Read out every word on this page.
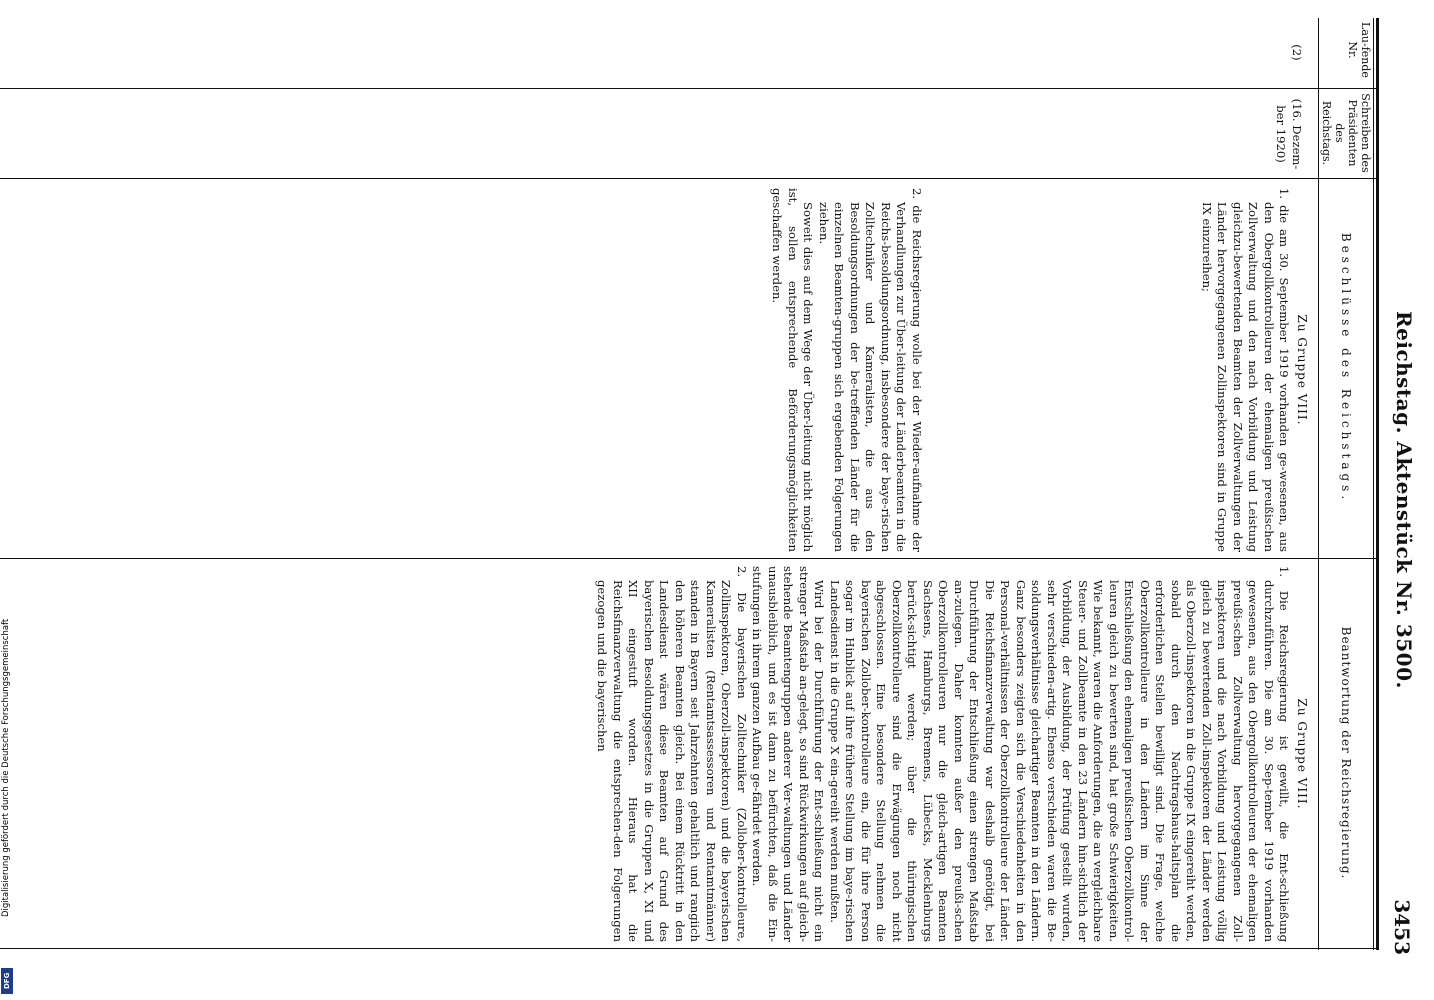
Reichstag. Aktenstück Nr. 3500.
3453
Lau-fende Nr.
Schreiben des Präsidenten des Reichstags.
Beschlüsse des Reichstags.
Beantwortung der Reichsregierung.
(2)
(16. Dezem-ber 1920)
Zu Gruppe VIII.
1. die am 30. September 1919 vorhanden ge-wesenen, aus den Obergollkontrolleuren der ehemaligen preußischen Zollverwaltung und den nach Vorbildung und Leistung gleichzu-bewertenden Beamten der Zollverwaltungen der Länder hervorgegangenen Zollinspektoren sind in Gruppe IX einzureihen;
2. die Reichsregierung wolle bei der Wieder-aufnahme der Verhandlungen zur Über-leitung der Länderbeamten in die Reichs-besoldungsordnung, insbesondere der baye-rischen Zolltechniker und Kameralisten, die aus den Besoldungsordnungen der be-treffenden Länder für die einzelnen Beamten-gruppen sich ergebenden Folgerungen ziehen.
Soweit dies auf dem Wege der Über-leitung nicht möglich ist, sollen entsprechende Beförderungsmöglichkeiten geschaffen werden.
Zu Gruppe VIII.
1. Die Reichsregierung ist gewillt, die Ent-schließung durchzuführen. Die am 30. Sep-tember 1919 vorhanden gewesenen, aus den Obergollkontrolleuren der ehemaligen preußi-schen Zollverwaltung hervorgegangenen Zoll-inspektoren und die nach Vorbildung und Leistung völlig gleich zu bewertenden Zoll-inspektoren der Länder werden als Oberzoll-inspektoren in die Gruppe IX eingereiht werden, sobald durch den Nachtragshaus-haltsplan die erforderlichen Stellen bewilligt sind. Die Frage, welche Oberzollkontrolleure in den Ländern im Sinne der Entschließung den ehemaligen preußischen Oberzollkontrol-leuren gleich zu bewerten sind, hat große Schwierigkeiten. Wie bekannt, waren die Anforderungen, die an vergleichbare Steuer- und Zollbeamte in den 23 Ländern hin-sichtlich der Vorbildung, der Ausbildung, der Prüfung gestellt wurden, sehr verschieden-artig. Ebenso verschieden waren die Be-soldungsverhältnisse gleichartiger Beamten in den Ländern. Ganz besonders zeigten sich die Verschiedenheiten in den Personal-verhältnissen der Oberzollkontrolleure der Länder. Die Reichsfinanzverwaltung war deshalb genötigt, bei Durchführung der Entschließung einen strengen Maßstab an-zulegen. Daher konnten außer den preußi-schen Oberzollkontrolleuren nur die gleich-artigen Beamten Sachsens, Hamburgs, Bremens, Lübecks, Mecklenburgs berück-sichtigt werden; über die thüringischen Oberzollkontrolleure sind die Erwägungen noch nicht abgeschlossen. Eine besondere Stellung nehmen die bayerischen Zollober-kontrolleure ein, die für ihre Person sogar im Hinblick auf ihre frühere Stellung im baye-rischen Landesdienst in die Gruppe X ein-gereiht werden mußten.
Wird bei der Durchführung der Ent-schließung nicht ein strenger Maßstab an-gelegt, so sind Rückwirkungen auf gleich-stehende Beamtengruppen anderer Ver-waltungen und Länder unausbleiblich, und es ist dann zu befürchten, daß die Ein-stufungen in ihrem ganzen Aufbau ge-fährdet werden.
2. Die bayerischen Zolltechniker (Zollober-kontrolleure, Zollinspektoren, Oberzoll-inspektoren) und die bayerischen Kameralisten (Rentamtsassessoren und Rentamtmänner) standen in Bayern seit Jahrzehnten gehaltlich und rangiich den höheren Beamten gleich. Bei einem Rücktritt in den Landesdienst wären diese Beamten auf Grund des bayerischen Besoldungsgesetzes in die Gruppen X, XI und XII eingestuft worden. Hieraus hat die Reichsfinanzverwaltung die entsprechen-den Folgerungen gezogen und die bayerischen
Digitalisierung gefördert durch die Deutsche Forschungsgemeinschaft
DFG
